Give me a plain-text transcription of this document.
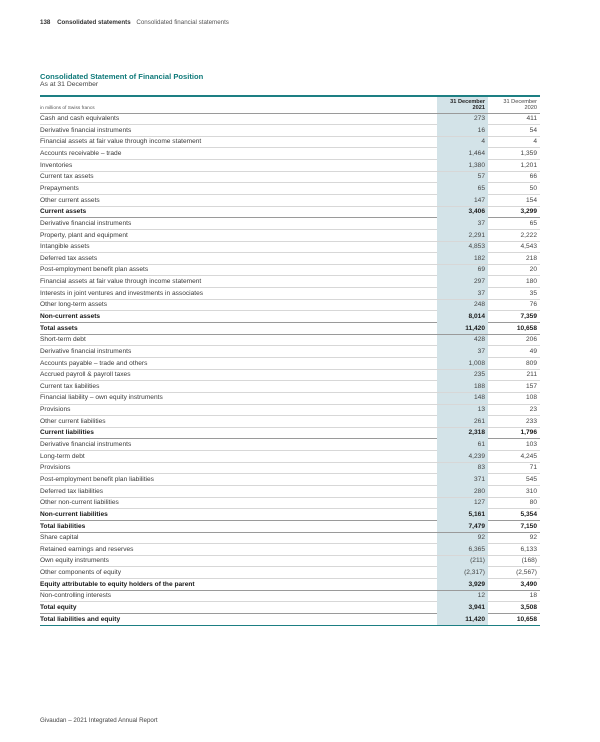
138 Consolidated statements Consolidated financial statements
Consolidated Statement of Financial Position
As at 31 December
in millions of Swiss francs
31 December
2021
31 December
2020
Cash and cash equivalents	273	411
Derivative financial instruments	16	54
Financial assets at fair value through income statement	4	4
Accounts receivable – trade	1,464	1,359
Inventories	1,380	1,201
Current tax assets	57	66
Prepayments	65	50
Other current assets	147	154
Current assets	3,406	3,299
Derivative financial instruments	37	65
Property, plant and equipment	2,291	2,222
Intangible assets	4,853	4,543
Deferred tax assets	182	218
Post-employment benefit plan assets	69	20
Financial assets at fair value through income statement	297	180
Interests in joint ventures and investments in associates	37	35
Other long-term assets	248	76
Non-current assets	8,014	7,359
Total assets	11,420	10,658
Short-term debt	428	206
Derivative financial instruments	37	49
Accounts payable – trade and others	1,008	809
Accrued payroll & payroll taxes	235	211
Current tax liabilities	188	157
Financial liability – own equity instruments	148	108
Provisions	13	23
Other current liabilities	261	233
Current liabilities	2,318	1,796
Derivative financial instruments	61	103
Long-term debt	4,239	4,245
Provisions	83	71
Post-employment benefit plan liabilities	371	545
Deferred tax liabilities	280	310
Other non-current liabilities	127	80
Non-current liabilities	5,161	5,354
Total liabilities	7,479	7,150
Share capital	92	92
Retained earnings and reserves	6,365	6,133
Own equity instruments	(211)	(168)
Other components of equity	(2,317)	(2,567)
Equity attributable to equity holders of the parent	3,929	3,490
Non-controlling interests	12	18
Total equity	3,941	3,508
Total liabilities and equity	11,420	10,658
Givaudan – 2021 Integrated Annual Report
